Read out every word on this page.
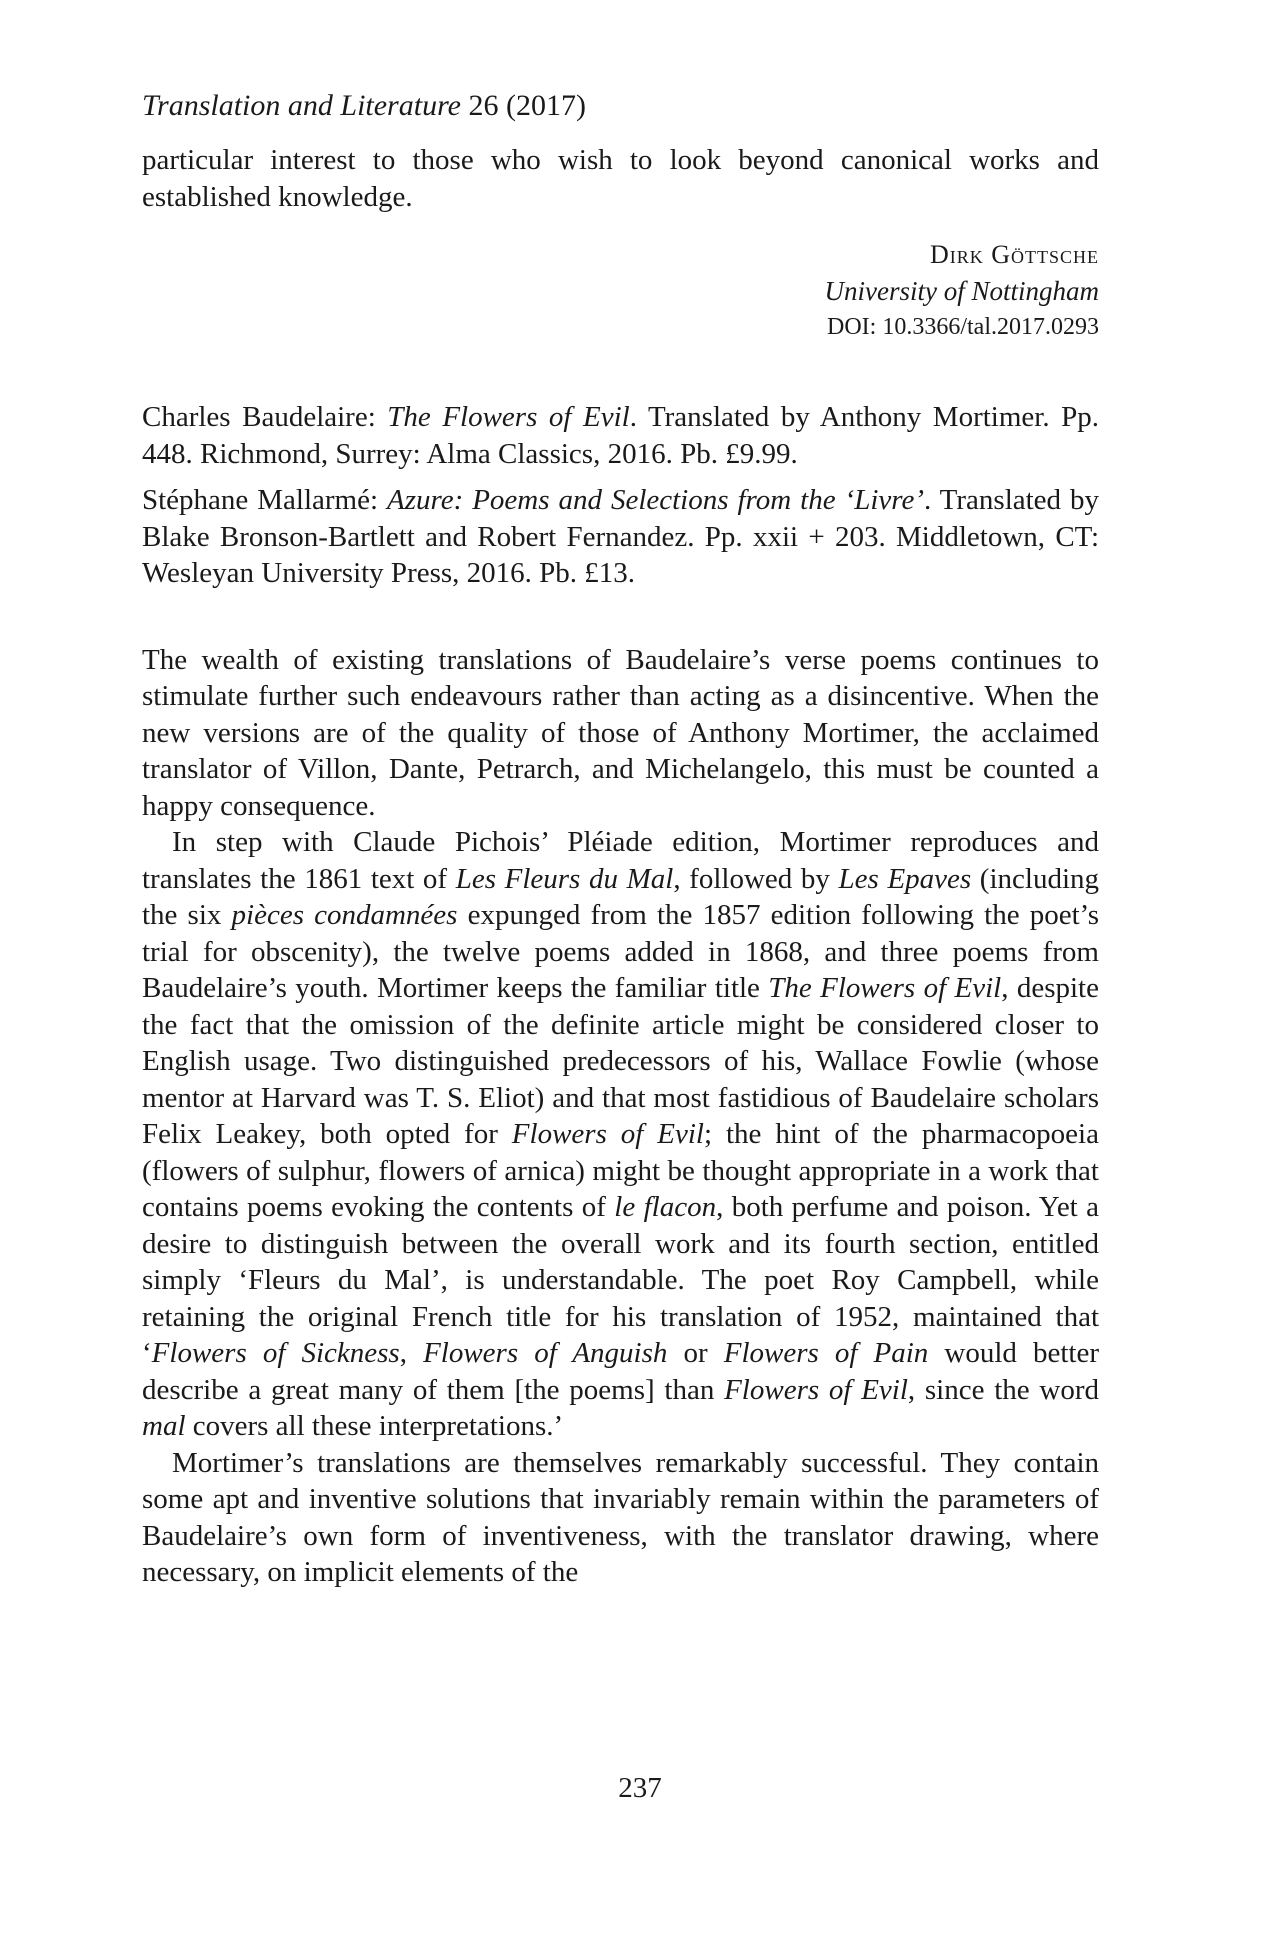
Translation and Literature 26 (2017)

particular interest to those who wish to look beyond canonical works and established knowledge.

Dirk Göttsche
University of Nottingham
DOI: 10.3366/tal.2017.0293
Charles Baudelaire: The Flowers of Evil. Translated by Anthony Mortimer. Pp. 448. Richmond, Surrey: Alma Classics, 2016. Pb. £9.99.
Stéphane Mallarmé: Azure: Poems and Selections from the ‘Livre’. Translated by Blake Bronson-Bartlett and Robert Fernandez. Pp. xxii + 203. Middletown, CT: Wesleyan University Press, 2016. Pb. £13.

The wealth of existing translations of Baudelaire’s verse poems continues to stimulate further such endeavours rather than acting as a disincentive. When the new versions are of the quality of those of Anthony Mortimer, the acclaimed translator of Villon, Dante, Petrarch, and Michelangelo, this must be counted a happy consequence.

In step with Claude Pichois’ Pléiade edition, Mortimer reproduces and translates the 1861 text of Les Fleurs du Mal, followed by Les Epaves (including the six pièces condamnées expunged from the 1857 edition following the poet’s trial for obscenity), the twelve poems added in 1868, and three poems from Baudelaire’s youth. Mortimer keeps the familiar title The Flowers of Evil, despite the fact that the omission of the definite article might be considered closer to English usage. Two distinguished predecessors of his, Wallace Fowlie (whose mentor at Harvard was T. S. Eliot) and that most fastidious of Baudelaire scholars Felix Leakey, both opted for Flowers of Evil; the hint of the pharmacopoeia (flowers of sulphur, flowers of arnica) might be thought appropriate in a work that contains poems evoking the contents of le flacon, both perfume and poison. Yet a desire to distinguish between the overall work and its fourth section, entitled simply ‘Fleurs du Mal’, is understandable. The poet Roy Campbell, while retaining the original French title for his translation of 1952, maintained that ‘Flowers of Sickness, Flowers of Anguish or Flowers of Pain would better describe a great many of them [the poems] than Flowers of Evil, since the word mal covers all these interpretations.’

Mortimer’s translations are themselves remarkably successful. They contain some apt and inventive solutions that invariably remain within the parameters of Baudelaire’s own form of inventiveness, with the translator drawing, where necessary, on implicit elements of the

237
